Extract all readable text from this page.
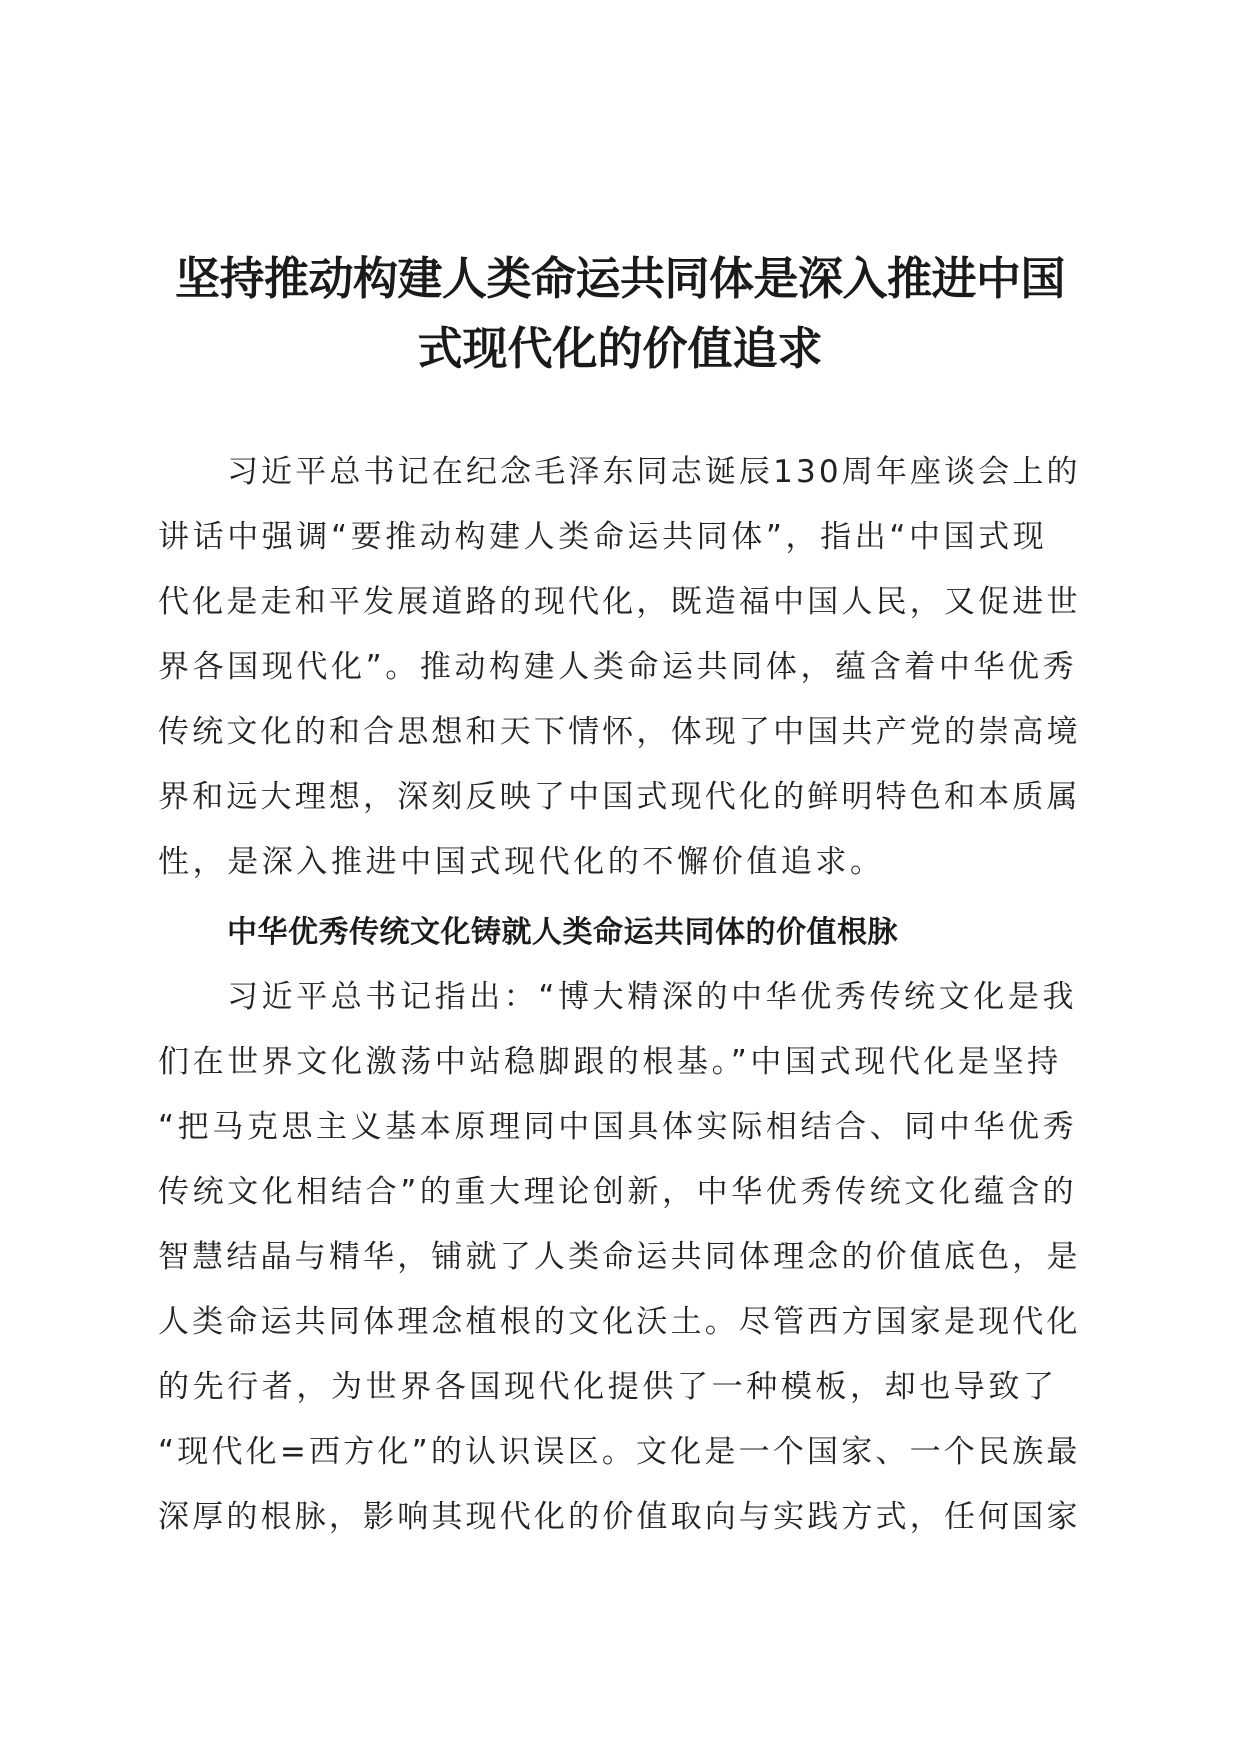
坚持推动构建人类命运共同体是深入推进中国
式现代化的价值追求
习近平总书记在纪念毛泽东同志诞辰130周年座谈会上的
讲话中强调“要推动构建人类命运共同体”，指出“中国式现
代化是走和平发展道路的现代化，既造福中国人民，又促进世
界各国现代化”。推动构建人类命运共同体，蕴含着中华优秀
传统文化的和合思想和天下情怀，体现了中国共产党的崇高境
界和远大理想，深刻反映了中国式现代化的鲜明特色和本质属
性，是深入推进中国式现代化的不懈价值追求。
中华优秀传统文化铸就人类命运共同体的价值根脉
习近平总书记指出：“博大精深的中华优秀传统文化是我
们在世界文化激荡中站稳脚跟的根基。”中国式现代化是坚持
“把马克思主义基本原理同中国具体实际相结合、同中华优秀
传统文化相结合”的重大理论创新，中华优秀传统文化蕴含的
智慧结晶与精华，铺就了人类命运共同体理念的价值底色，是
人类命运共同体理念植根的文化沃土。尽管西方国家是现代化
的先行者，为世界各国现代化提供了一种模板，却也导致了
“现代化=西方化”的认识误区。文化是一个国家、一个民族最
深厚的根脉，影响其现代化的价值取向与实践方式，任何国家
